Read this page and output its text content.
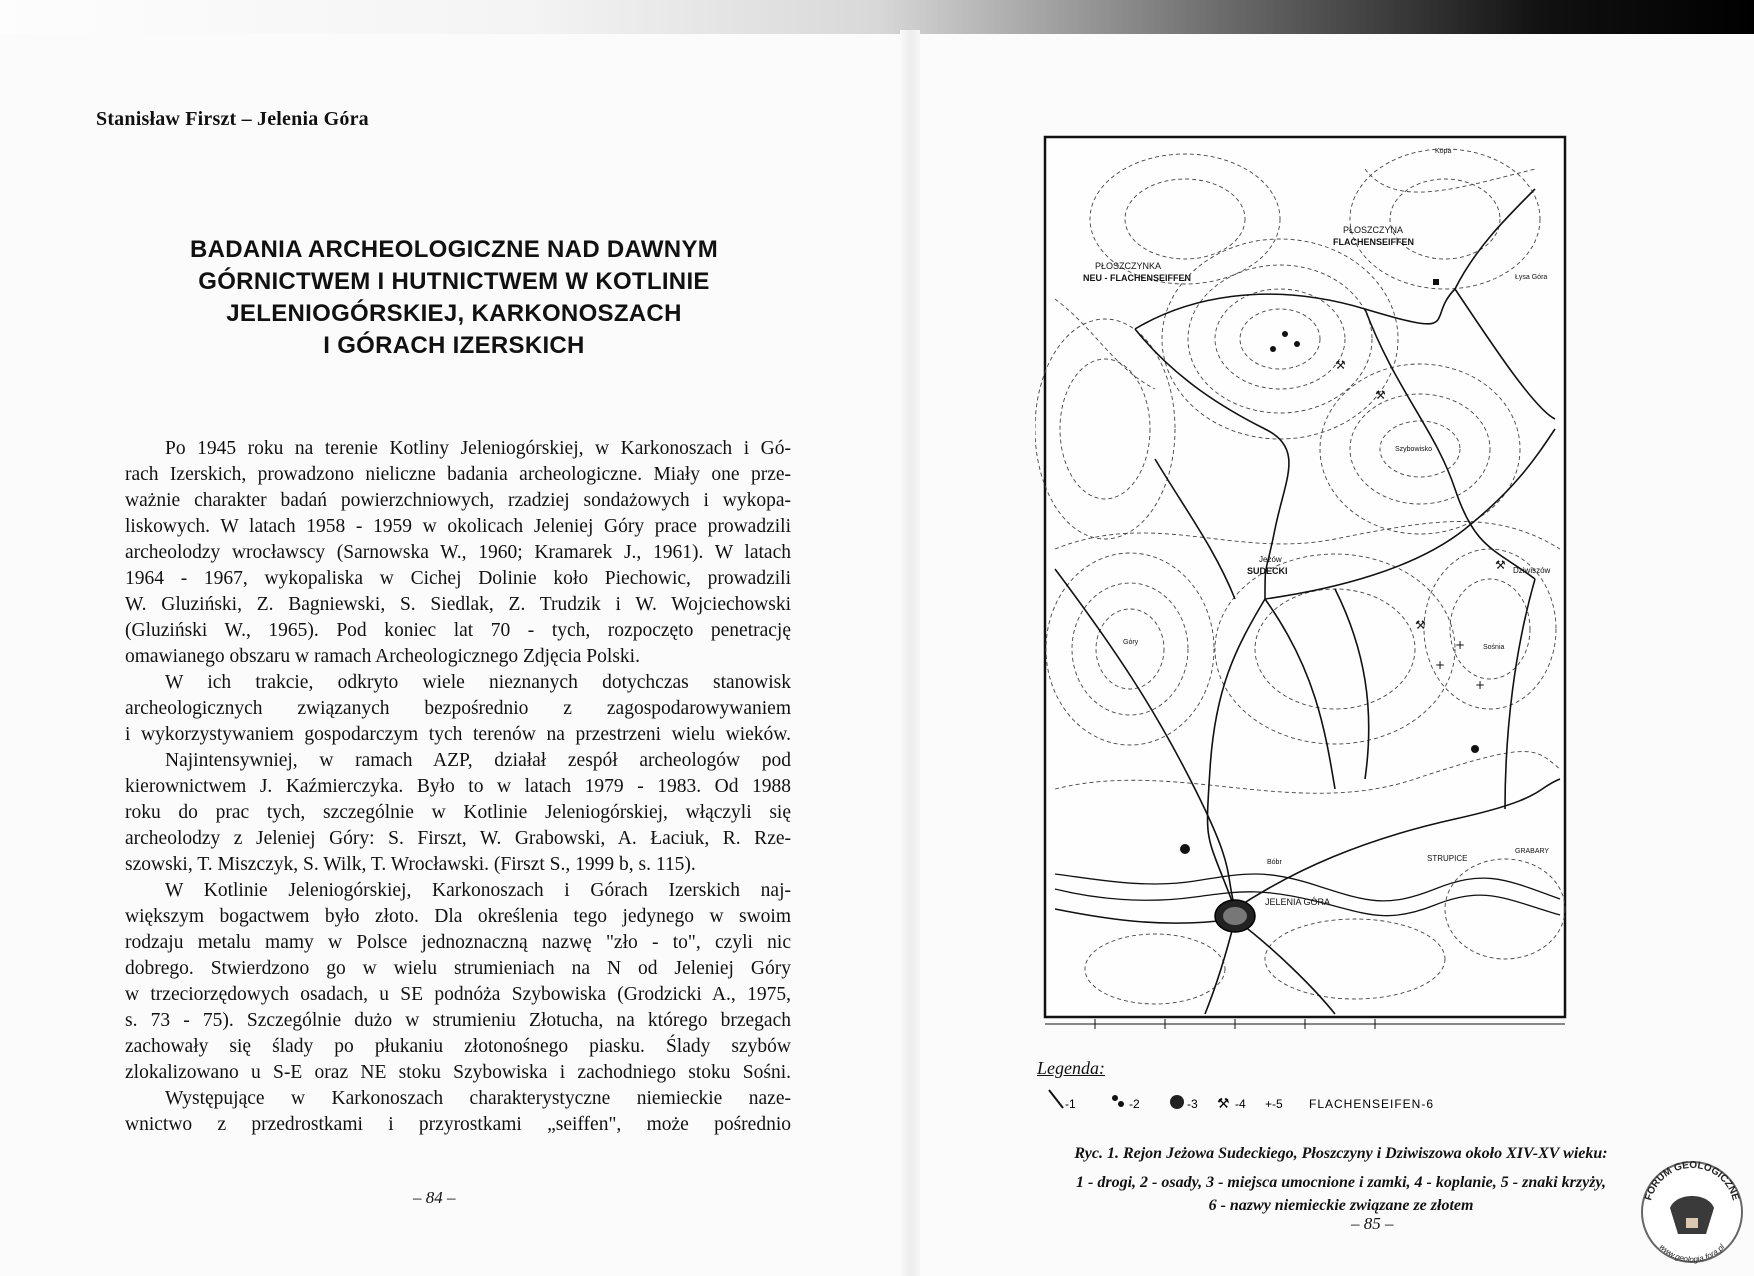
Stanisław Firszt – Jelenia Góra
BADANIA ARCHEOLOGICZNE NAD DAWNYM
GÓRNICTWEM I HUTNICTWEM W KOTLINIE
JELENIOGÓRSKIEJ, KARKONOSZACH
I GÓRACH IZERSKICH
Po 1945 roku na terenie Kotliny Jeleniogórskiej, w Karkonoszach i Gó-
rach Izerskich, prowadzono nieliczne badania archeologiczne. Miały one prze-
ważnie charakter badań powierzchniowych, rzadziej sondażowych i wykopa-
liskowych. W latach 1958 - 1959 w okolicach Jeleniej Góry prace prowadzili
archeolodzy wrocławscy (Sarnowska W., 1960; Kramarek J., 1961). W latach
1964 - 1967, wykopaliska w Cichej Dolinie koło Piechowic, prowadzili
W. Gluziński, Z. Bagniewski, S. Siedlak, Z. Trudzik i W. Wojciechowski
(Gluziński W., 1965). Pod koniec lat 70 - tych, rozpoczęto penetrację
omawianego obszaru w ramach Archeologicznego Zdjęcia Polski.
W ich trakcie, odkryto wiele nieznanych dotychczas stanowisk
archeologicznych związanych bezpośrednio z zagospodarowywaniem
i wykorzystywaniem gospodarczym tych terenów na przestrzeni wielu wieków.
Najintensywniej, w ramach AZP, działał zespół archeologów pod
kierownictwem J. Kaźmierczyka. Było to w latach 1979 - 1983. Od 1988
roku do prac tych, szczególnie w Kotlinie Jeleniogórskiej, włączyli się
archeolodzy z Jeleniej Góry: S. Firszt, W. Grabowski, A. Łaciuk, R. Rze-
szowski, T. Miszczyk, S. Wilk, T. Wrocławski. (Firszt S., 1999 b, s. 115).
W Kotlinie Jeleniogórskiej, Karkonoszach i Górach Izerskich naj-
większym bogactwem było złoto. Dla określenia tego jedynego w swoim
rodzaju metalu mamy w Polsce jednoznaczną nazwę "zło - to", czyli nic
dobrego. Stwierdzono go w wielu strumieniach na N od Jeleniej Góry
w trzeciorzędowych osadach, u SE podnóża Szybowiska (Grodzicki A., 1975,
s. 73 - 75). Szczególnie dużo w strumieniu Złotucha, na którego brzegach
zachowały się ślady po płukaniu złotonośnego piasku. Ślady szybów
zlokalizowano u S-E oraz NE stoku Szybowiska i zachodniego stoku Sośni.
Występujące w Karkonoszach charakterystyczne niemieckie naze-
wnictwo z przedrostkami i przyrostkami „seiffen", może pośrednio
– 84 –
⚒
⚒
⚒
⚒
+
+
+
PŁOSZCZYNKA
NEU - FLACHENSEIFFEN
PŁOSZCZYNA
FLACHENSEIFFEN
Jeżów
SUDECKI	Dziwiszów
JELENIA GÓRA
STRUPICE
GRABARY
Szybowisko
Sośnia
Góry
Kopa
Łysa Góra
Bóbr
Legenda:
-1	-2	-3 ⚒ -4 +-5 FLACHENSEIFEN-6
Ryc. 1. Rejon Jeżowa Sudeckiego, Płoszczyny i Dziwiszowa około XIV-XV wieku:
1 - drogi, 2 - osady, 3 - miejsca umocnione i zamki, 4 - koplanie, 5 - znaki krzyży,
6 - nazwy niemieckie związane ze złotem
– 85 –
FORUM GEOLOGICZNE
www.geologia.fora.pl
